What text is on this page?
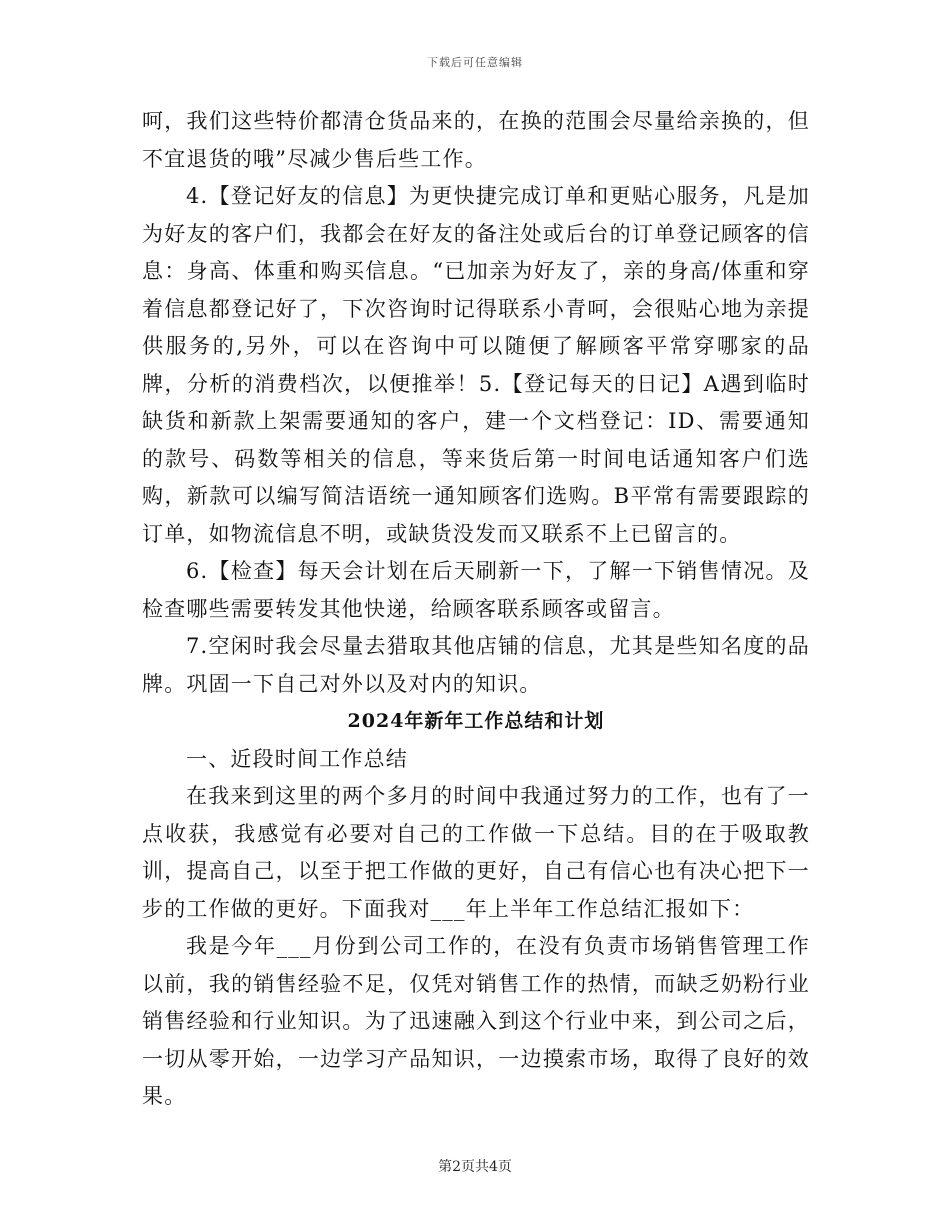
下载后可任意编辑

呵，我们这些特价都清仓货品来的，在换的范围会尽量给亲换的，但不宜退货的哦”尽减少售后些工作。

4.【登记好友的信息】为更快捷完成订单和更贴心服务，凡是加为好友的客户们，我都会在好友的备注处或后台的订单登记顾客的信息：身高、体重和购买信息。“已加亲为好友了，亲的身高/体重和穿着信息都登记好了，下次咨询时记得联系小青呵，会很贴心地为亲提供服务的,另外，可以在咨询中可以随便了解顾客平常穿哪家的品牌，分析的消费档次，以便推举！5.【登记每天的日记】A遇到临时缺货和新款上架需要通知的客户，建一个文档登记：ID、需要通知的款号、码数等相关的信息，等来货后第一时间电话通知客户们选购，新款可以编写简洁语统一通知顾客们选购。B平常有需要跟踪的订单，如物流信息不明，或缺货没发而又联系不上已留言的。

6.【检查】每天会计划在后天刷新一下，了解一下销售情况。及检查哪些需要转发其他快递，给顾客联系顾客或留言。

7.空闲时我会尽量去猎取其他店铺的信息，尤其是些知名度的品牌。巩固一下自己对外以及对内的知识。

2024年新年工作总结和计划

一、近段时间工作总结

在我来到这里的两个多月的时间中我通过努力的工作，也有了一点收获，我感觉有必要对自己的工作做一下总结。目的在于吸取教训，提高自己，以至于把工作做的更好，自己有信心也有决心把下一步的工作做的更好。下面我对___年上半年工作总结汇报如下：

我是今年___月份到公司工作的，在没有负责市场销售管理工作以前，我的销售经验不足，仅凭对销售工作的热情，而缺乏奶粉行业销售经验和行业知识。为了迅速融入到这个行业中来，到公司之后，一切从零开始，一边学习产品知识，一边摸索市场，取得了良好的效果。

第2页共4页
